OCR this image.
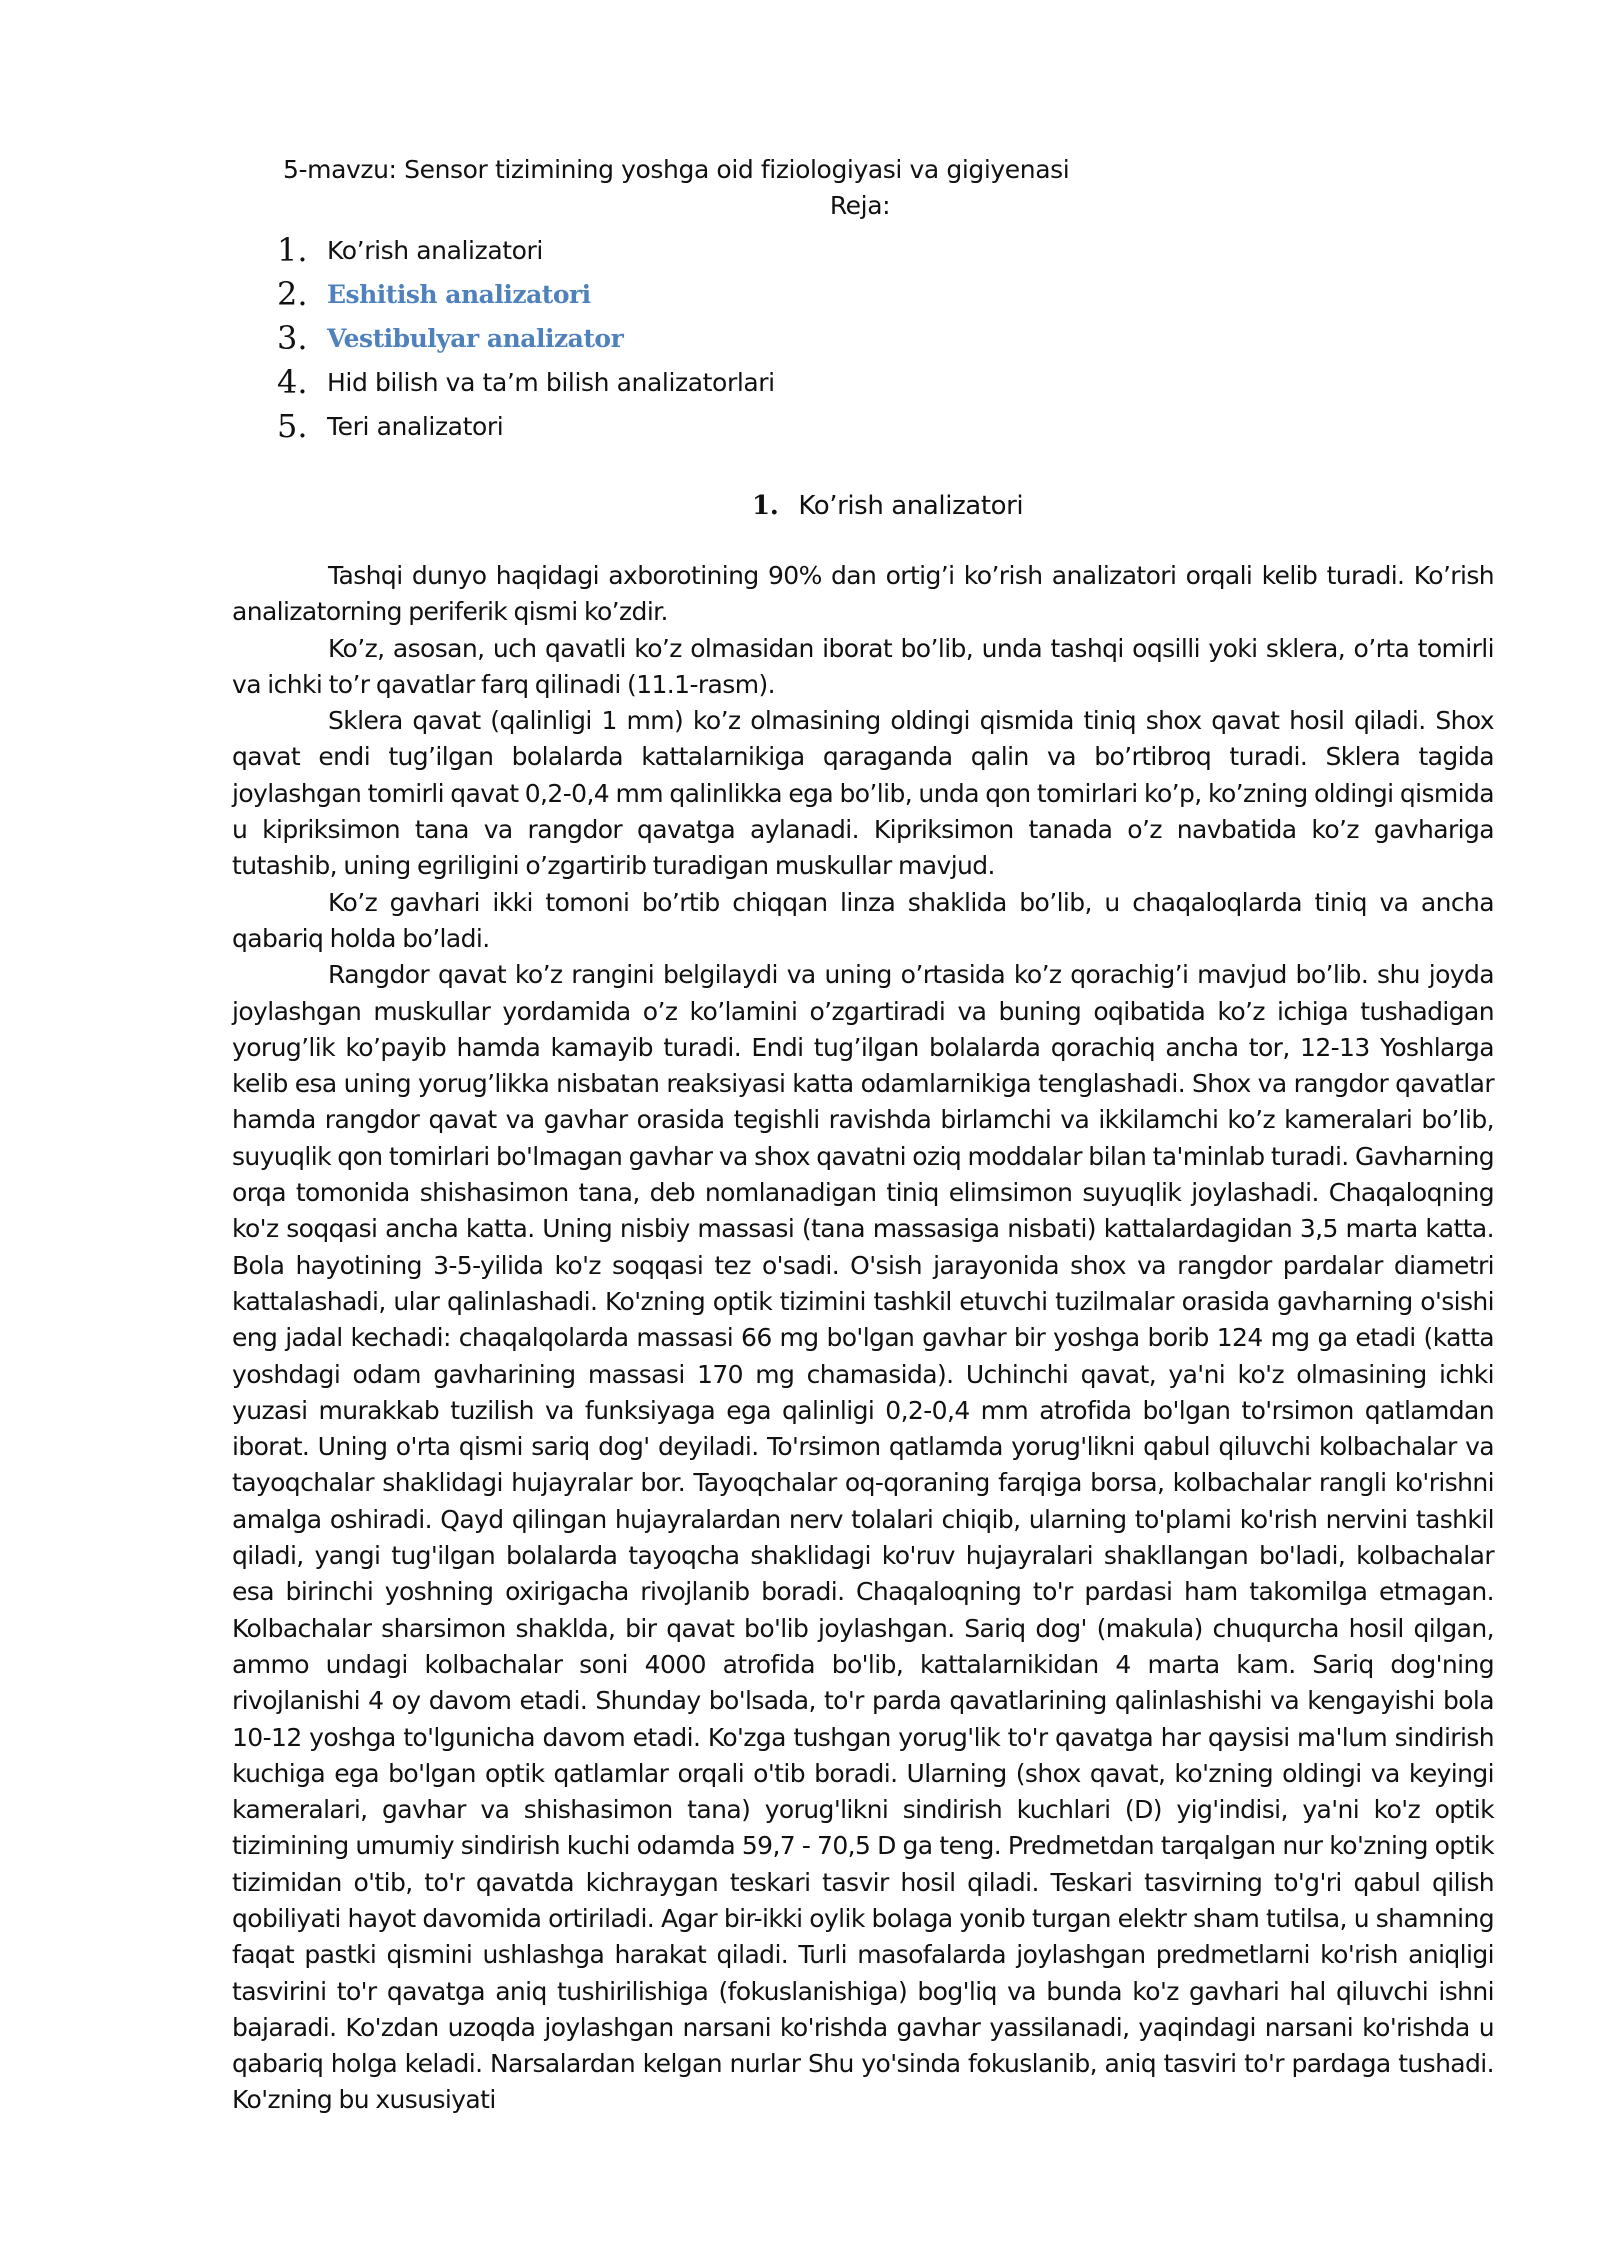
5-mavzu: Sensor tizimining yoshga oid fiziologiyasi va gigiyenasi
Reja:
1. Ko’rish analizatori
2. Eshitish analizatori
3. Vestibulyar analizator
4. Hid bilish va ta’m bilish analizatorlari
5. Teri analizatori
1. Ko’rish analizatori

Tashqi dunyo haqidagi axborotining 90% dan ortig’i ko’rish analizatori orqali kelib turadi. Ko’rish analizatorning periferik qismi ko’zdir.

Ko’z, asosan, uch qavatli ko’z olmasidan iborat bo’lib, unda tashqi oqsilli yoki sklera, o’rta tomirli va ichki to’r qavatlar farq qilinadi (11.1-rasm).

Sklera qavat (qalinligi 1 mm) ko’z olmasining oldingi qismida tiniq shox qavat hosil qiladi. Shox qavat endi tug’ilgan bolalarda kattalarnikiga qaraganda qalin va bo’rtibroq turadi. Sklera tagida joylashgan tomirli qavat 0,2-0,4 mm qalinlikka ega bo’lib, unda qon tomirlari ko’p, ko’zning oldingi qismida u kipriksimon tana va rangdor qavatga aylanadi. Kipriksimon tanada o’z navbatida ko’z gavhariga tutashib, uning egriligini o’zgartirib turadigan muskullar mavjud.

Ko’z gavhari ikki tomoni bo’rtib chiqqan linza shaklida bo’lib, u chaqaloqlarda tiniq va ancha qabariq holda bo’ladi.

Rangdor qavat ko’z rangini belgilaydi va uning o’rtasida ko’z qorachig’i mavjud bo’lib. shu joyda joylashgan muskullar yordamida o’z ko’lamini o’zgartiradi va buning oqibatida ko’z ichiga tushadigan yorug’lik ko’payib hamda kamayib turadi. Endi tug’ilgan bolalarda qorachiq ancha tor, 12-13 Yoshlarga kelib esa uning yorug’likka nisbatan reaksiyasi katta odamlarnikiga tenglashadi. Shox va rangdor qavatlar hamda rangdor qavat va gavhar orasida tegishli ravishda birlamchi va ikkilamchi ko’z kameralari bo’lib, suyuqlik qon tomirlari bo'lmagan gavhar va shox qavatni oziq moddalar bilan ta'minlab turadi. Gavharning orqa tomonida shishasimon tana, deb nomlanadigan tiniq elimsimon suyuqlik joylashadi. Chaqaloqning ko'z soqqasi ancha katta. Uning nisbiy massasi (tana massasiga nisbati) kattalardagidan 3,5 marta katta. Bola hayotining 3-5-yilida ko'z soqqasi tez o'sadi. O'sish jarayonida shox va rangdor pardalar diametri kattalashadi, ular qalinlashadi. Ko'zning optik tizimini tashkil etuvchi tuzilmalar orasida gavharning o'sishi eng jadal kechadi: chaqalqolarda massasi 66 mg bo'lgan gavhar bir yoshga borib 124 mg ga etadi (katta yoshdagi odam gavharining massasi 170 mg chamasida). Uchinchi qavat, ya'ni ko'z olmasining ichki yuzasi murakkab tuzilish va funksiyaga ega qalinligi 0,2-0,4 mm atrofida bo'lgan to'rsimon qatlamdan iborat. Uning o'rta qismi sariq dog' deyiladi. To'rsimon qatlamda yorug'likni qabul qiluvchi kolbachalar va tayoqchalar shaklidagi hujayralar bor. Tayoqchalar oq-qoraning farqiga borsa, kolbachalar rangli ko'rishni amalga oshiradi. Qayd qilingan hujayralardan nerv tolalari chiqib, ularning to'plami ko'rish nervini tashkil qiladi, yangi tug'ilgan bolalarda tayoqcha shaklidagi ko'ruv hujayralari shakllangan bo'ladi, kolbachalar esa birinchi yoshning oxirigacha rivojlanib boradi. Chaqaloqning to'r pardasi ham takomilga etmagan. Kolbachalar sharsimon shaklda, bir qavat bo'lib joylashgan. Sariq dog' (makula) chuqurcha hosil qilgan, ammo undagi kolbachalar soni 4000 atrofida bo'lib, kattalarnikidan 4 marta kam. Sariq dog'ning rivojlanishi 4 oy davom etadi. Shunday bo'lsada, to'r parda qavatlarining qalinlashishi va kengayishi bola 10-12 yoshga to'lgunicha davom etadi. Ko'zga tushgan yorug'lik to'r qavatga har qaysisi ma'lum sindirish kuchiga ega bo'lgan optik qatlamlar orqali o'tib boradi. Ularning (shox qavat, ko'zning oldingi va keyingi kameralari, gavhar va shishasimon tana) yorug'likni sindirish kuchlari (D) yig'indisi, ya'ni ko'z optik tizimining umumiy sindirish kuchi odamda 59,7 - 70,5 D ga teng. Predmetdan tarqalgan nur ko'zning optik tizimidan o'tib, to'r qavatda kichraygan teskari tasvir hosil qiladi. Teskari tasvirning to'g'ri qabul qilish qobiliyati hayot davomida ortiriladi. Agar bir-ikki oylik bolaga yonib turgan elektr sham tutilsa, u shamning faqat pastki qismini ushlashga harakat qiladi. Turli masofalarda joylashgan predmetlarni ko'rish aniqligi tasvirini to'r qavatga aniq tushirilishiga (fokuslanishiga) bog'liq va bunda ko'z gavhari hal qiluvchi ishni bajaradi. Ko'zdan uzoqda joylashgan narsani ko'rishda gavhar yassilanadi, yaqindagi narsani ko'rishda u qabariq holga keladi. Narsalardan kelgan nurlar Shu yo'sinda fokuslanib, aniq tasviri to'r pardaga tushadi. Ko'zning bu xususiyati
